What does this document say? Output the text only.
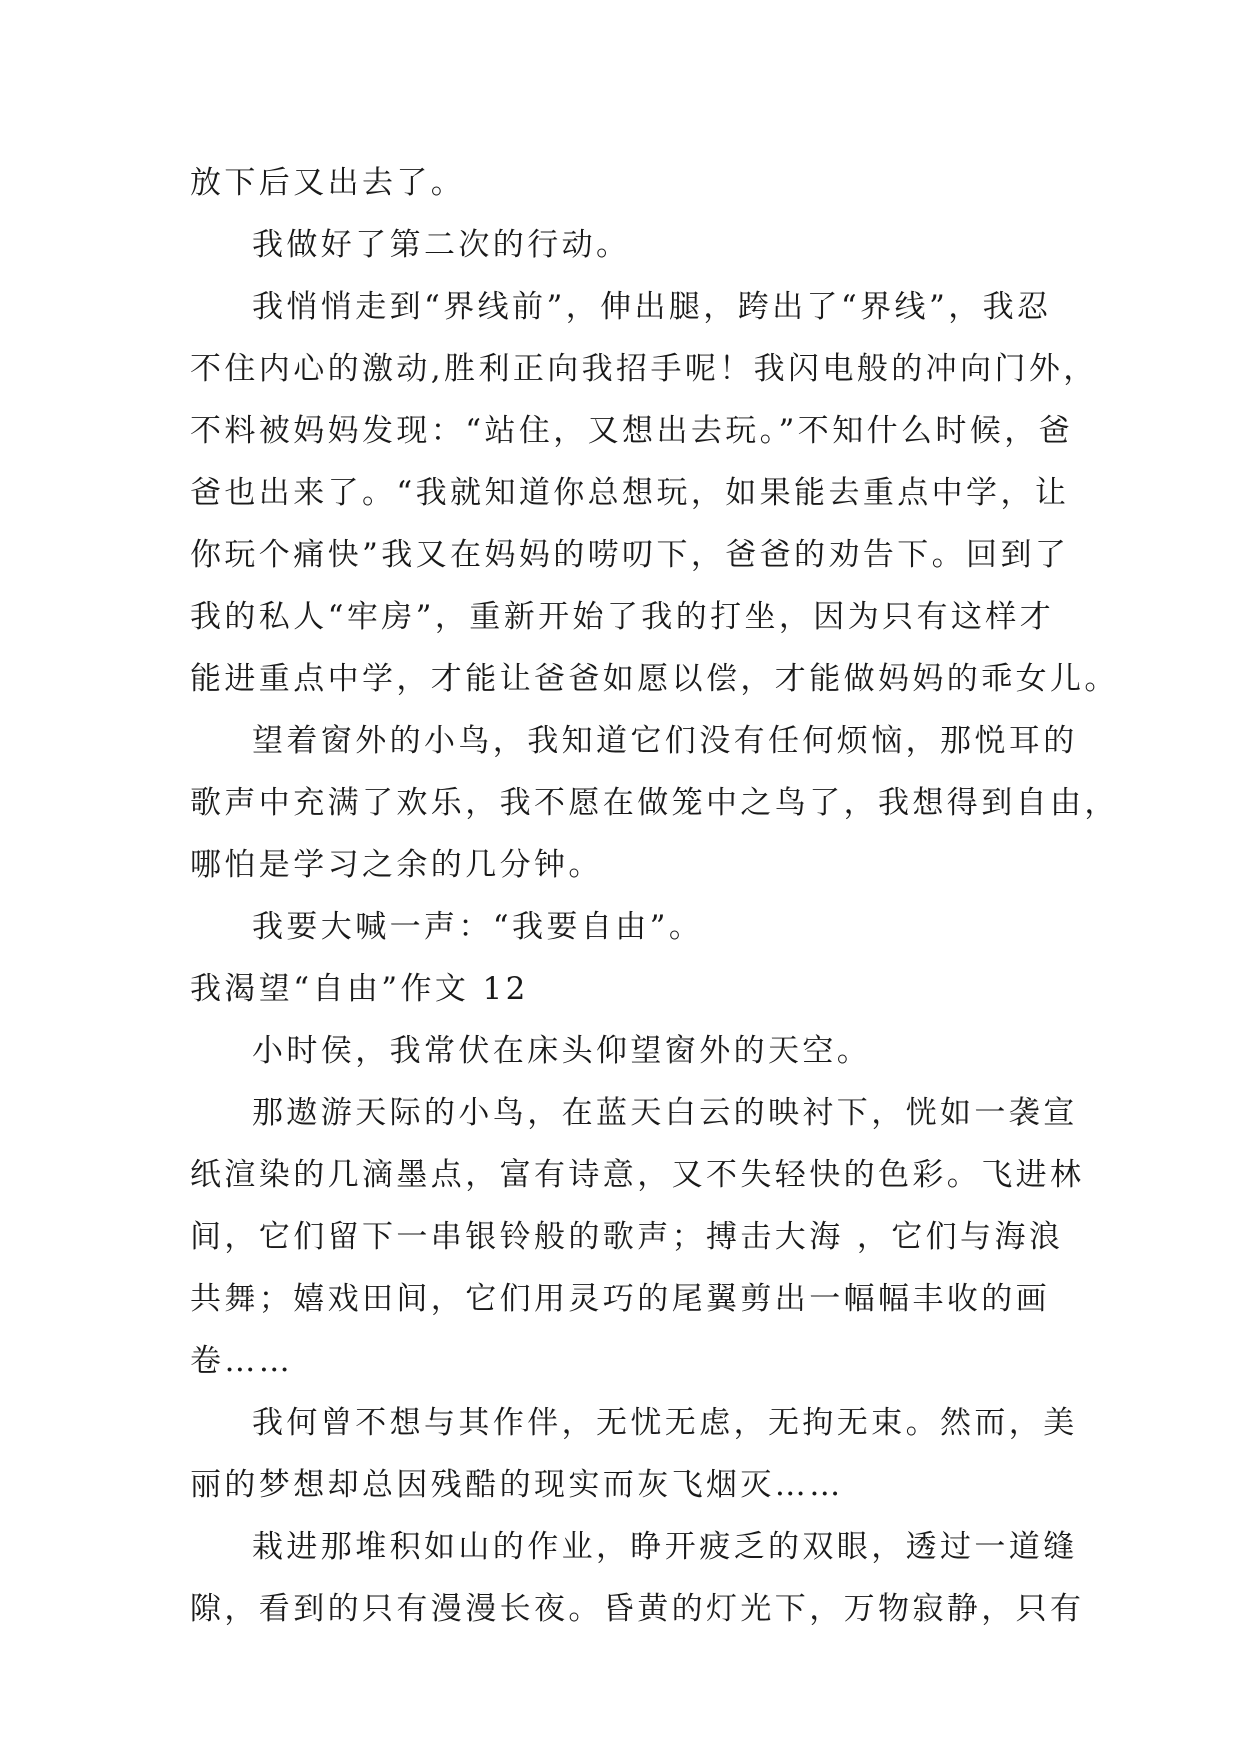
放下后又出去了。

我做好了第二次的行动。

我悄悄走到“界线前”，伸出腿，跨出了“界线”，我忍

不住内心的激动,胜利正向我招手呢！我闪电般的冲向门外，

不料被妈妈发现：“站住，又想出去玩。”不知什么时候，爸

爸也出来了。“我就知道你总想玩，如果能去重点中学，让

你玩个痛快”我又在妈妈的唠叨下，爸爸的劝告下。回到了

我的私人“牢房”，重新开始了我的打坐，因为只有这样才

能进重点中学，才能让爸爸如愿以偿，才能做妈妈的乖女儿。

望着窗外的小鸟，我知道它们没有任何烦恼，那悦耳的

歌声中充满了欢乐，我不愿在做笼中之鸟了，我想得到自由，

哪怕是学习之余的几分钟。

我要大喊一声：“我要自由”。

我渴望“自由”作文 12

小时侯，我常伏在床头仰望窗外的天空。

那遨游天际的小鸟，在蓝天白云的映衬下，恍如一袭宣

纸渲染的几滴墨点，富有诗意，又不失轻快的色彩。飞进林

间，它们留下一串银铃般的歌声；搏击大海 ，它们与海浪

共舞；嬉戏田间，它们用灵巧的尾翼剪出一幅幅丰收的画

卷……

我何曾不想与其作伴，无忧无虑，无拘无束。然而，美

丽的梦想却总因残酷的现实而灰飞烟灭……

栽进那堆积如山的作业，睁开疲乏的双眼，透过一道缝

隙，看到的只有漫漫长夜。昏黄的灯光下，万物寂静，只有
